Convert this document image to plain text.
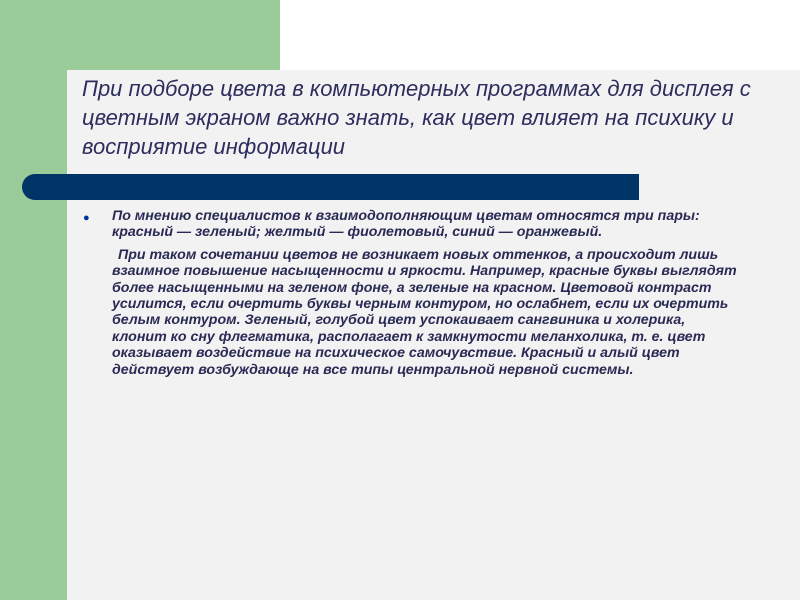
При подборе цвета в компьютерных программах для дисплея с цветным экраном важно знать, как цвет влияет на психику и восприятие информации
●	По мнению специалистов к взаимодополняющим цветам относятся три пары: красный — зеленый; желтый — фиолетовый, синий — оранжевый.

При таком сочетании цветов не возникает новых оттенков, а происходит лишь взаимное повышение насыщенности и яркости. Например, красные буквы выглядят более насыщенными на зеленом фоне, а зеленые на красном. Цветовой контраст усилится, если очертить буквы черным контуром, но ослабнет, если их очертить белым контуром. Зеленый, голубой цвет успокаивает сангвиника и холерика, клонит ко сну флегматика, располагает к замкнутости меланхолика, т. е. цвет оказывает воздействие на психическое самочувствие. Красный и алый цвет действует возбуждающе на все типы центральной нервной системы.
